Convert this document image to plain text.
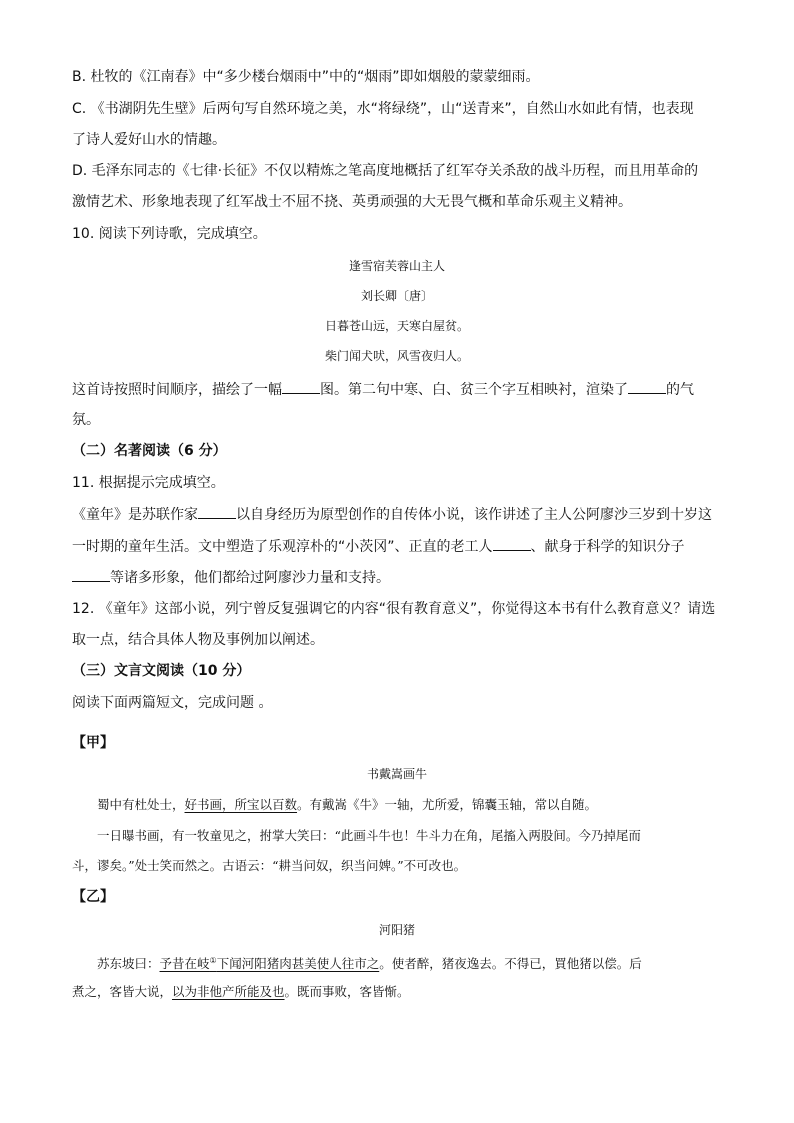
B. 杜牧的《江南春》中“多少楼台烟雨中”中的“烟雨”即如烟般的蒙蒙细雨。
C. 《书湖阴先生壁》后两句写自然环境之美，水“将绿绕”，山“送青来”，自然山水如此有情，也表现
了诗人爱好山水的情趣。
D. 毛泽东同志的《七律·长征》不仅以精炼之笔高度地概括了红军夺关杀敌的战斗历程，而且用革命的
激情艺术、形象地表现了红军战士不屈不挠、英勇顽强的大无畏气概和革命乐观主义精神。
10. 阅读下列诗歌，完成填空。
逢雪宿芙蓉山主人
刘长卿〔唐〕
日暮苍山远，天寒白屋贫。
柴门闻犬吠，风雪夜归人。
这首诗按照时间顺序，描绘了一幅	图。第二句中寒、白、贫三个字互相映衬，渲染了	的气
氛。
（二）名著阅读（6 分）
11. 根据提示完成填空。
《童年》是苏联作家	以自身经历为原型创作的自传体小说，该作讲述了主人公阿廖沙三岁到十岁这
一时期的童年生活。文中塑造了乐观淳朴的“小茨冈”、正直的老工人	、献身于科学的知识分子
等诸多形象，他们都给过阿廖沙力量和支持。
12. 《童年》这部小说，列宁曾反复强调它的内容“很有教育意义”，你觉得这本书有什么教育意义？请选
取一点，结合具体人物及事例加以阐述。
（三）文言文阅读（10 分）
阅读下面两篇短文，完成问题 。
【甲】
书戴嵩画牛
蜀中有杜处士，好书画，所宝以百数。有戴嵩《牛》一轴，尤所爱，锦囊玉轴，常以自随。
一日曝书画，有一牧童见之，拊掌大笑曰：“此画斗牛也！牛斗力在角，尾搐入两股间。今乃掉尾而
斗，谬矣。”处士笑而然之。古语云：“耕当问奴，织当问婢。”不可改也。
【乙】
河阳猪
苏东坡曰：予昔在岐①下闻河阳猪肉甚美使人往市之。使者醉，猪夜逸去。不得已，買他猪以偿。后
煮之，客皆大说，以为非他产所能及也。既而事败，客皆惭。
